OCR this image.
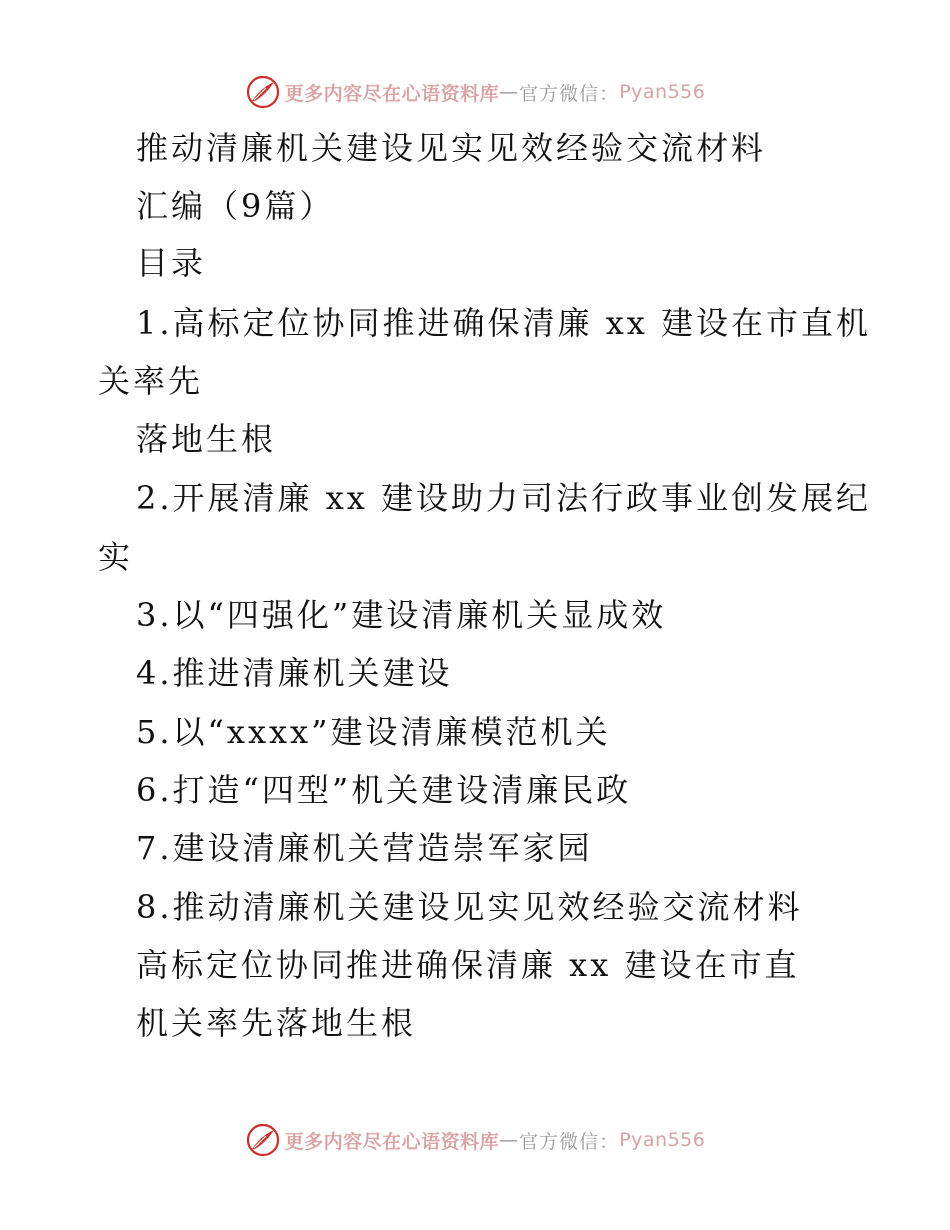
更多内容尽在心语资料库 — 官方微信： Pyan556
推动清廉机关建设见实见效经验交流材料
汇编（9篇）
目录
1.高标定位协同推进确保清廉 xx 建设在市直机
关率先
落地生根
2.开展清廉 xx 建设助力司法行政事业创发展纪
实
3.以“四强化”建设清廉机关显成效
4.推进清廉机关建设
5.以“xxxx”建设清廉模范机关
6.打造“四型”机关建设清廉民政
7.建设清廉机关营造崇军家园
8.推动清廉机关建设见实见效经验交流材料
高标定位协同推进确保清廉 xx 建设在市直
机关率先落地生根
更多内容尽在心语资料库 — 官方微信： Pyan556
